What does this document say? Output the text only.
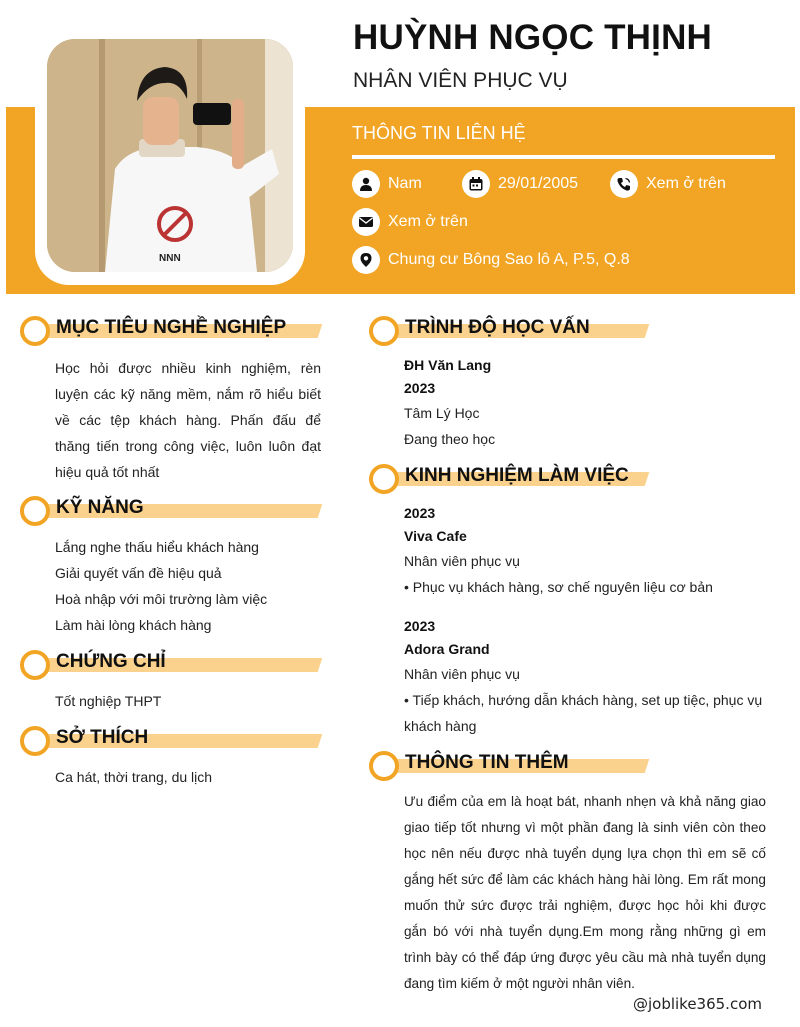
NNN
HUỲNH NGỌC THỊNH
NHÂN VIÊN PHỤC VỤ
THÔNG TIN LIÊN HỆ
Nam	29/01/2005	Xem ở trên
Xem ở trên
Chung cư Bông Sao lô A, P.5, Q.8
MỤC TIÊU NGHỀ NGHIỆP
Học hỏi được nhiều kinh nghiệm, rèn luyện các kỹ năng mềm, nắm rõ hiểu biết về các tệp khách hàng. Phấn đấu để thăng tiến trong công việc, luôn luôn đạt hiệu quả tốt nhất
KỸ NĂNG
Lắng nghe thấu hiểu khách hàng
Giải quyết vấn đề hiệu quả
Hoà nhập với môi trường làm việc
Làm hài lòng khách hàng
CHỨNG CHỈ
Tốt nghiệp THPT
SỞ THÍCH
Ca hát, thời trang, du lịch
TRÌNH ĐỘ HỌC VẤN
ĐH Văn Lang
2023
Tâm Lý Học
Đang theo học
KINH NGHIỆM LÀM VIỆC
2023
Viva Cafe
Nhân viên phục vụ
• Phục vụ khách hàng, sơ chế nguyên liệu cơ bản
2023
Adora Grand
Nhân viên phục vụ
• Tiếp khách, hướng dẫn khách hàng, set up tiệc, phục vụ khách hàng
THÔNG TIN THÊM
Ưu điểm của em là hoạt bát, nhanh nhẹn và khả năng giao giao tiếp tốt nhưng vì một phần đang là sinh viên còn theo học nên nếu được nhà tuyển dụng lựa chọn thì em sẽ cố gắng hết sức để làm các khách hàng hài lòng. Em rất mong muốn thử sức được trải nghiệm, được học hỏi khi được gắn bó với nhà tuyển dụng.Em mong rằng những gì em trình bày có thể đáp ứng được yêu cầu mà nhà tuyển dụng đang tìm kiếm ở một người nhân viên.
@joblike365.com
